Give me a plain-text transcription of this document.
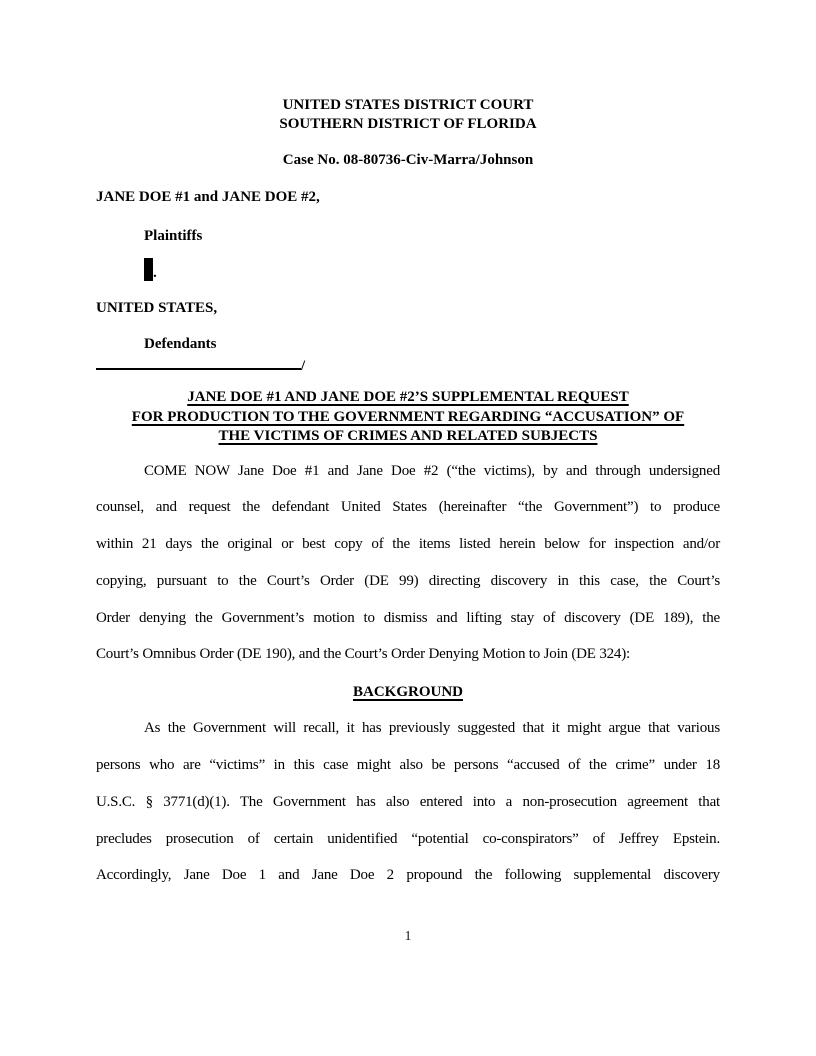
UNITED STATES DISTRICT COURT
SOUTHERN DISTRICT OF FLORIDA
Case No. 08-80736-Civ-Marra/Johnson
JANE DOE #1 and JANE DOE #2,
Plaintiffs
.
UNITED STATES,
Defendants
/
JANE DOE #1 AND JANE DOE #2’S SUPPLEMENTAL REQUEST
FOR PRODUCTION TO THE GOVERNMENT REGARDING “ACCUSATION” OF
THE VICTIMS OF CRIMES AND RELATED SUBJECTS
COME NOW Jane Doe #1 and Jane Doe #2 (“the victims), by and through undersigned
counsel, and request the defendant United States (hereinafter “the Government”) to produce
within 21 days the original or best copy of the items listed herein below for inspection and/or
copying, pursuant to the Court’s Order (DE 99) directing discovery in this case, the Court’s
Order denying the Government’s motion to dismiss and lifting stay of discovery (DE 189), the
Court’s Omnibus Order (DE 190), and the Court’s Order Denying Motion to Join (DE 324):
BACKGROUND
As the Government will recall, it has previously suggested that it might argue that various
persons who are “victims” in this case might also be persons “accused of the crime” under 18
U.S.C. § 3771(d)(1). The Government has also entered into a non-prosecution agreement that
precludes prosecution of certain unidentified “potential co-conspirators” of Jeffrey Epstein.
Accordingly, Jane Doe 1 and Jane Doe 2 propound the following supplemental discovery
1
